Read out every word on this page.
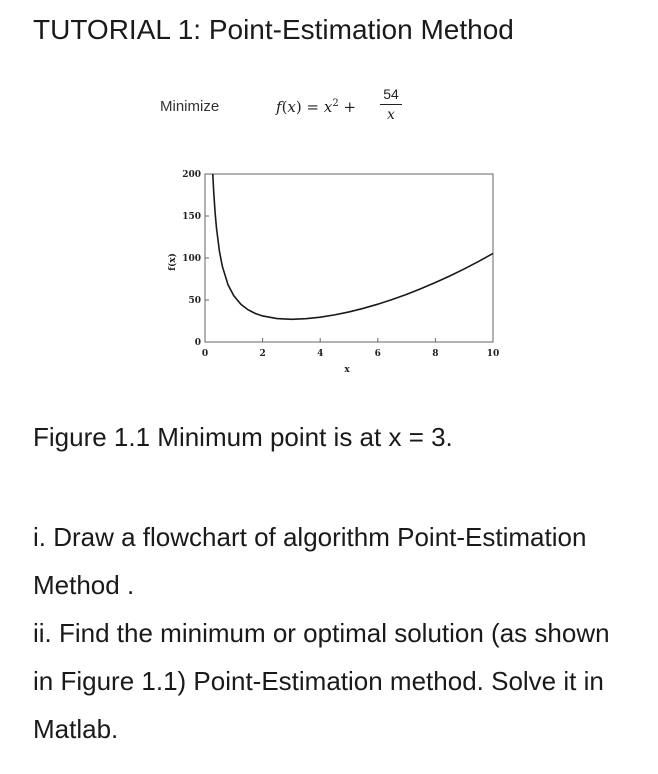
TUTORIAL 1: Point-Estimation Method
Minimize	$f(x) = x^2$ +
54
x
0
50
100
150
200
0	2	4	6	8	10
f(x)
x
Figure 1.1 Minimum point is at x = 3.

i. Draw a flowchart of algorithm Point-Estimation Method .

ii. Find the minimum or optimal solution (as shown in Figure 1.1) Point-Estimation method. Solve it in Matlab.
